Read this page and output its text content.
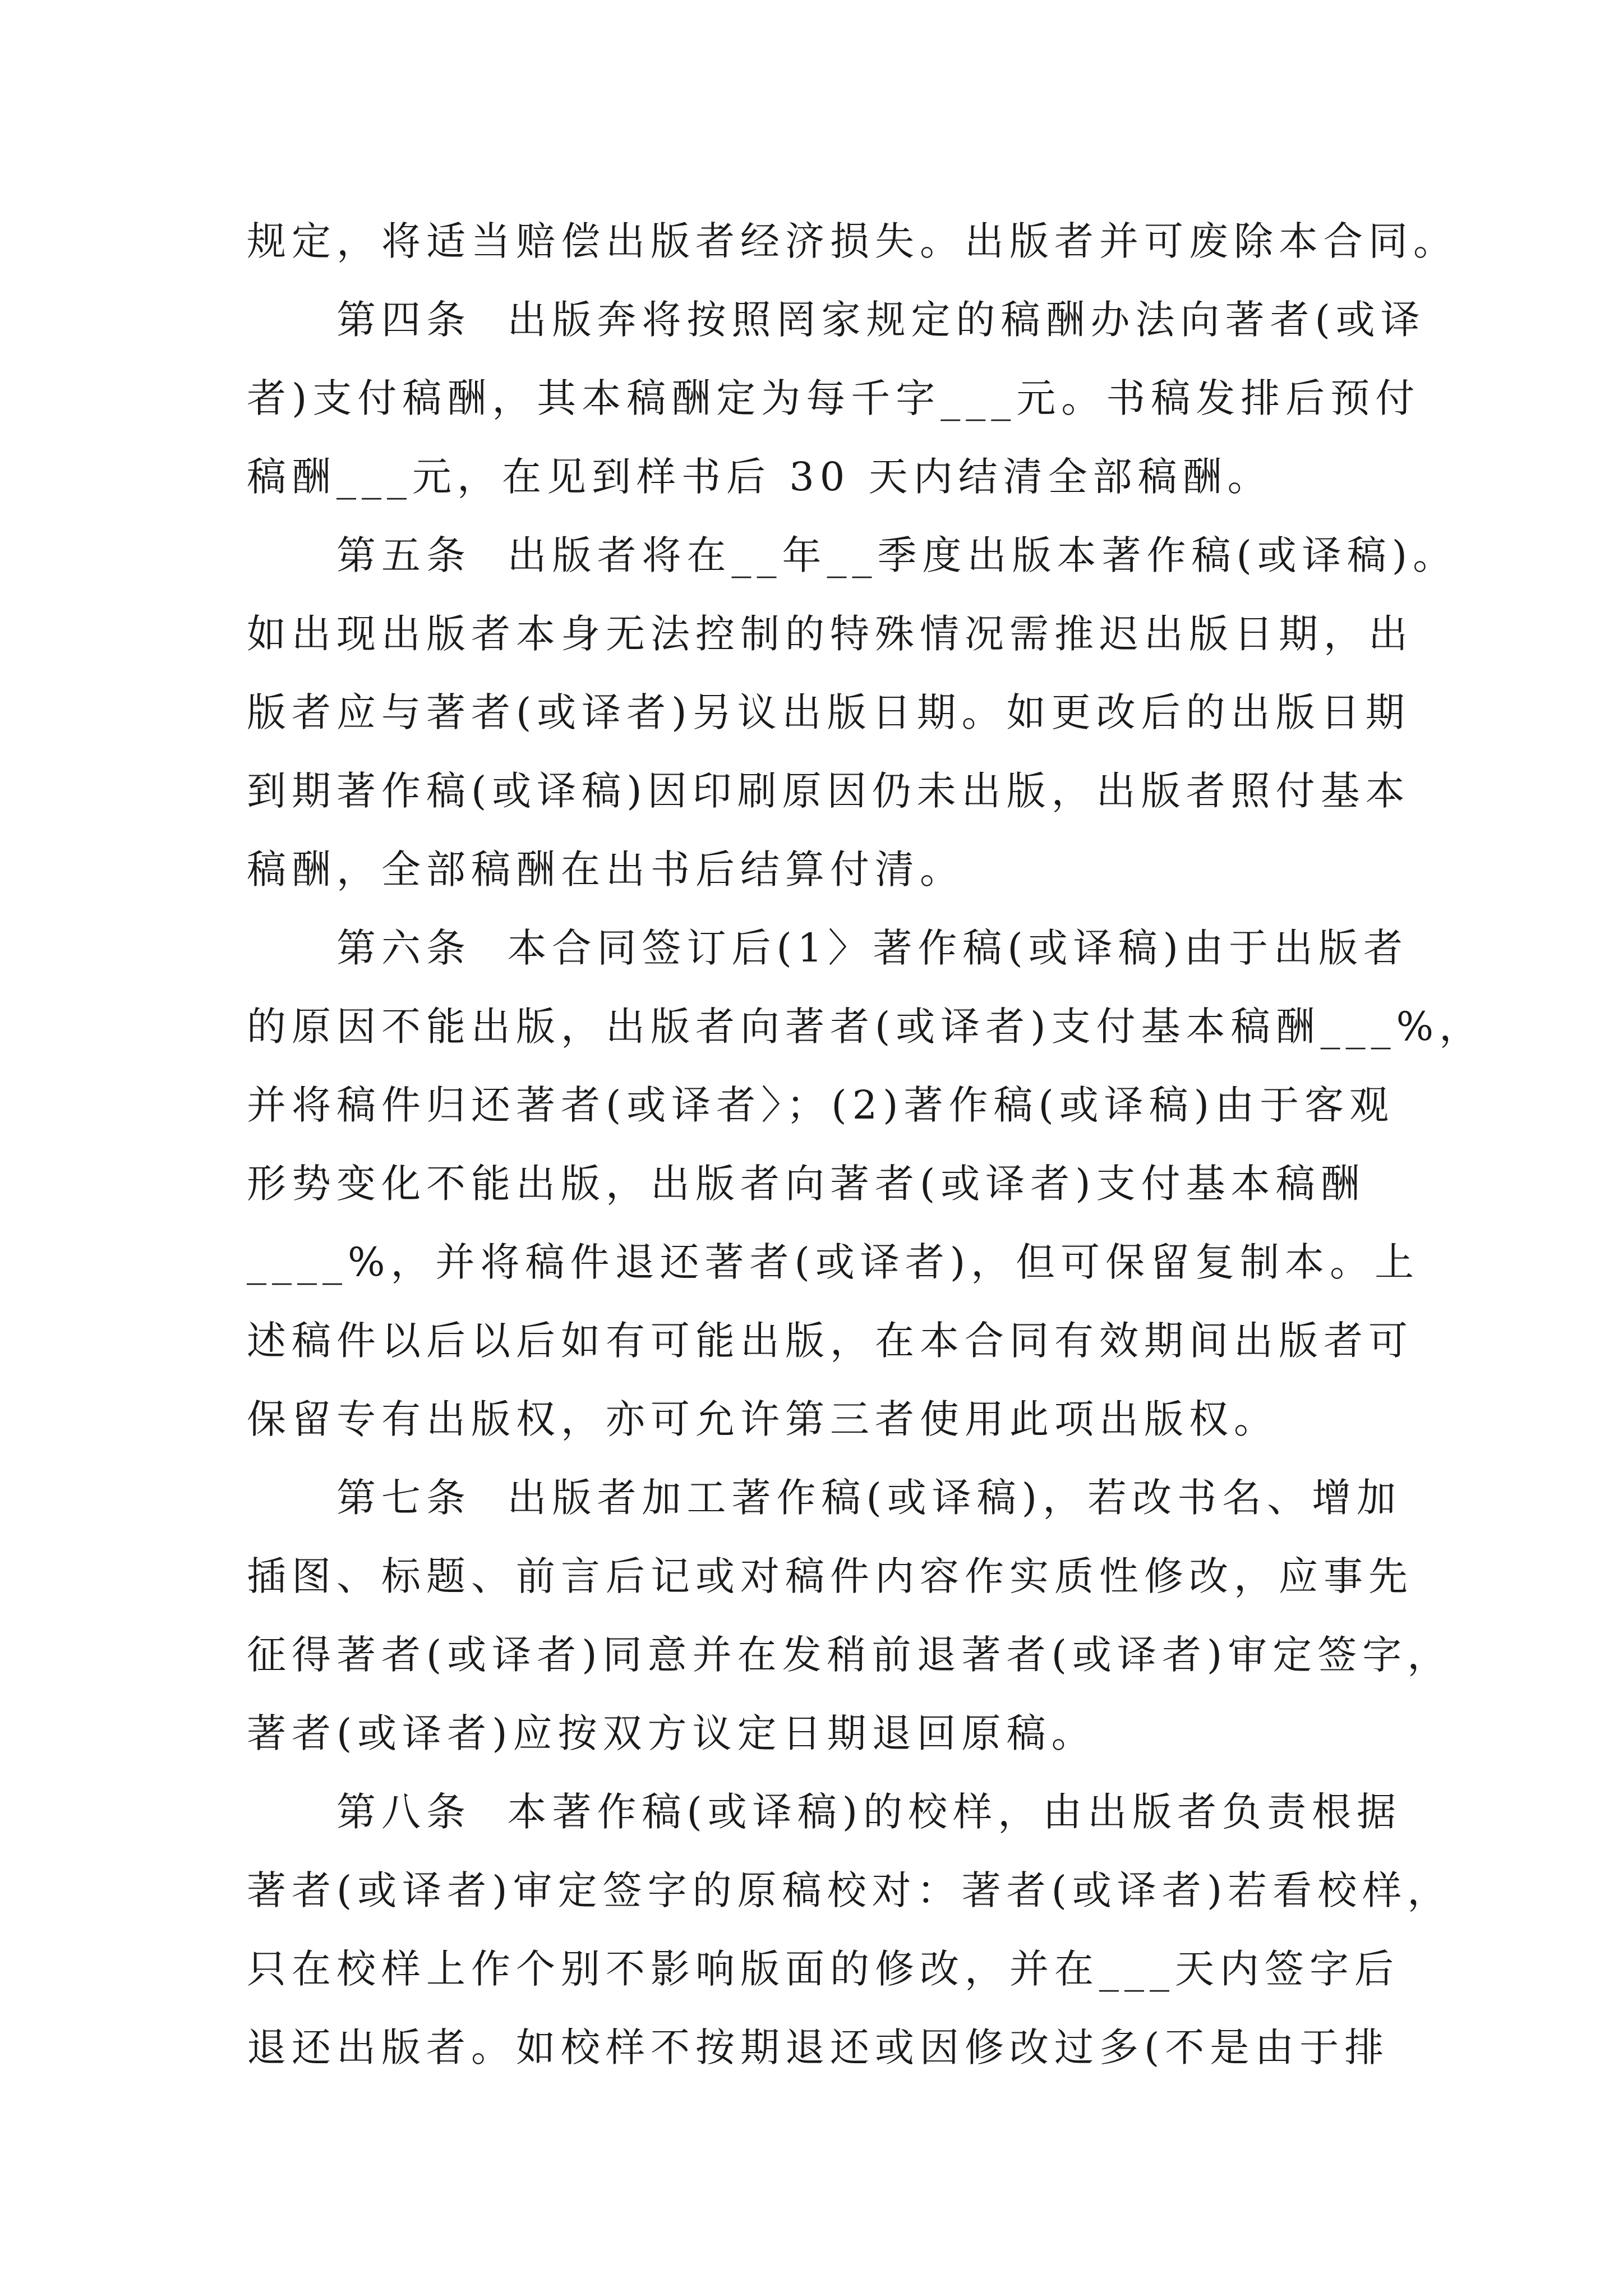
规定，将适当赔偿出版者经济损失。出版者并可废除本合同。
第四条  出版奔将按照罔家规定的稿酬办法向著者(或译
者)支付稿酬，其本稿酬定为每千字___元。书稿发排后预付
稿酬___元，在见到样书后 30 天内结清全部稿酬。
第五条  出版者将在__年__季度出版本著作稿(或译稿)。
如出现出版者本身无法控制的特殊情况需推迟出版日期，出
版者应与著者(或译者)另议出版日期。如更改后的出版日期
到期著作稿(或译稿)因印刷原因仍未出版，出版者照付基本
稿酬，全部稿酬在出书后结算付清。
第六条  本合同签订后(1〉著作稿(或译稿)由于出版者
的原因不能出版，出版者向著者(或译者)支付基本稿酬___%，
并将稿件归还著者(或译者〉；(2)著作稿(或译稿)由于客观
形势变化不能出版，出版者向著者(或译者)支付基本稿酬
____%，并将稿件退还著者(或译者)，但可保留复制本。上
述稿件以后以后如有可能出版，在本合同有效期间出版者可
保留专有出版权，亦可允许第三者使用此项出版权。
第七条  出版者加工著作稿(或译稿)，若改书名、增加
插图、标题、前言后记或对稿件内容作实质性修改，应事先
征得著者(或译者)同意并在发稍前退著者(或译者)审定签字，
著者(或译者)应按双方议定日期退回原稿。
第八条  本著作稿(或译稿)的校样，由出版者负责根据
著者(或译者)审定签字的原稿校对：著者(或译者)若看校样，
只在校样上作个别不影响版面的修改，并在___天内签字后
退还出版者。如校样不按期退还或因修改过多(不是由于排
